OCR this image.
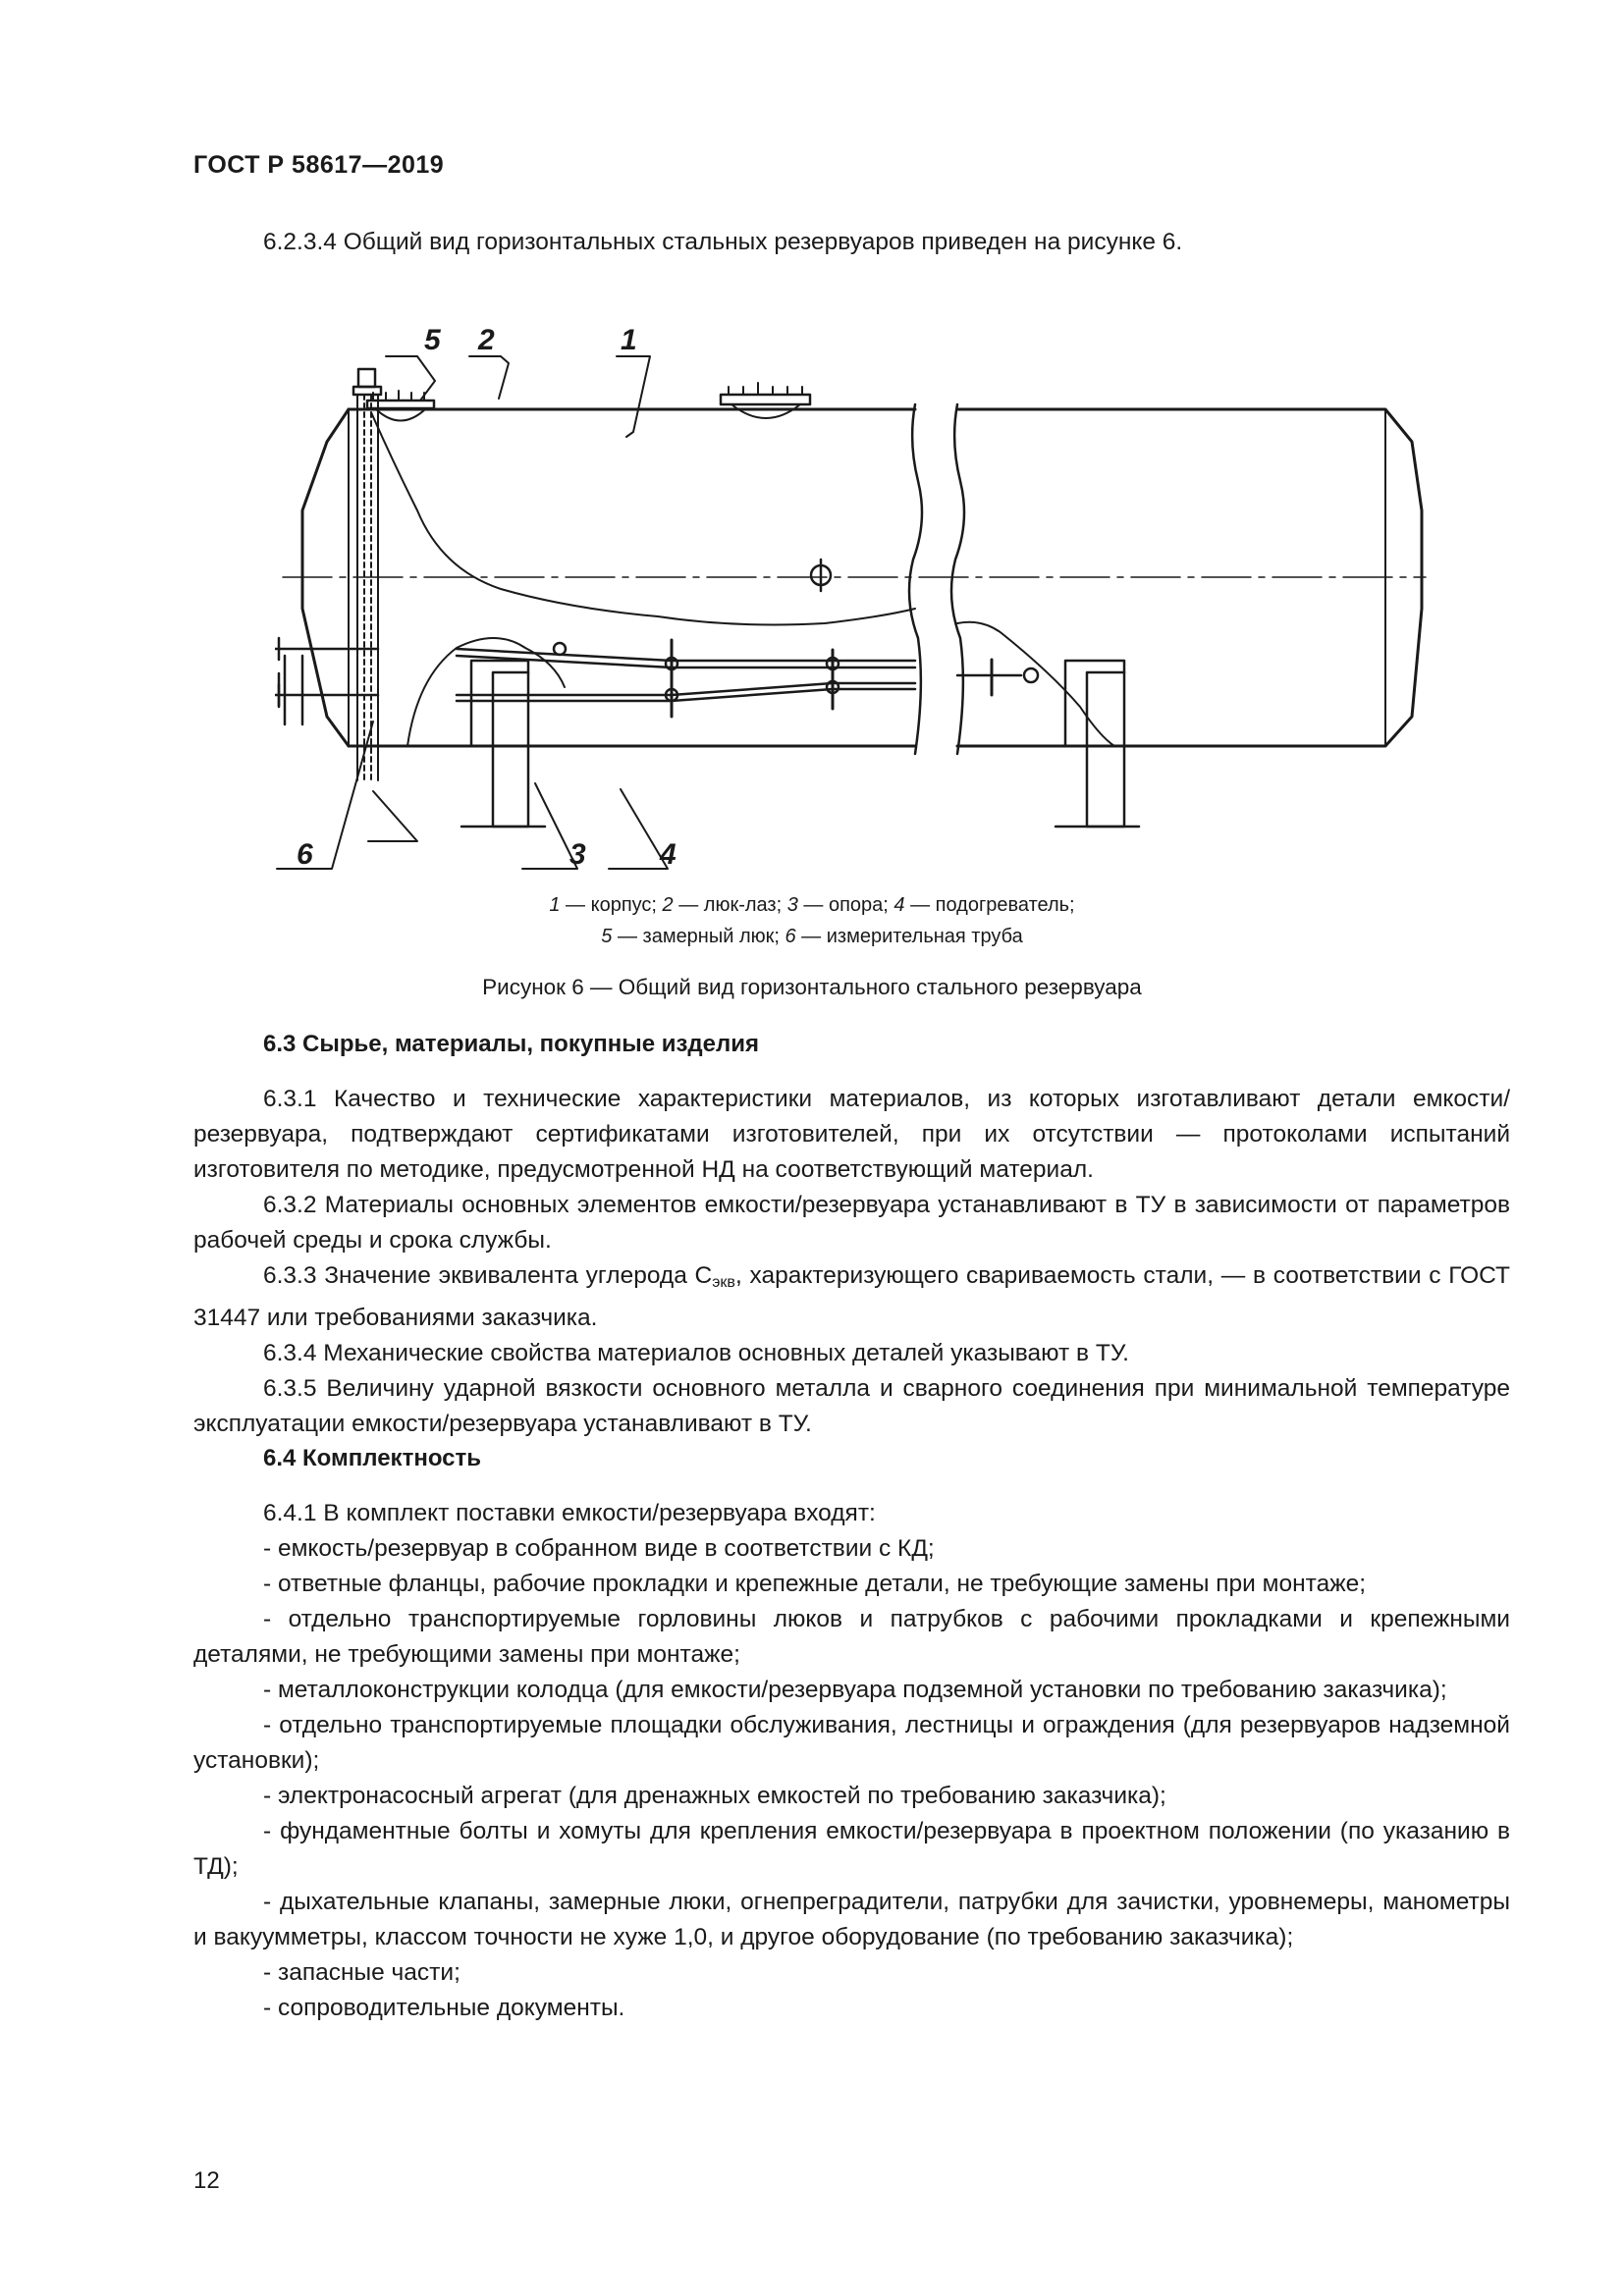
ГОСТ Р 58617—2019
6.2.3.4 Общий вид горизонтальных стальных резервуаров приведен на рисунке 6.
1
2
3	4
5
6
1 — корпус; 2 — люк-лаз; 3 — опора; 4 — подогреватель;
5 — замерный люк; 6 — измерительная труба
Рисунок 6 — Общий вид горизонтального стального резервуара
6.3 Сырье, материалы, покупные изделия

6.3.1 Качество и технические характеристики материалов, из которых изготавливают детали емкости/резервуара, подтверждают сертификатами изготовителей, при их отсутствии — протоколами испытаний изготовителя по методике, предусмотренной НД на соответствующий материал.

6.3.2 Материалы основных элементов емкости/резервуара устанавливают в ТУ в зависимости от параметров рабочей среды и срока службы.

6.3.3 Значение эквивалента углерода $С_{экв}$, характеризующего свариваемость стали, — в соответствии с ГОСТ 31447 или требованиями заказчика.

6.3.4 Механические свойства материалов основных деталей указывают в ТУ.

6.3.5 Величину ударной вязкости основного металла и сварного соединения при минимальной температуре эксплуатации емкости/резервуара устанавливают в ТУ.

6.4 Комплектность

6.4.1 В комплект поставки емкости/резервуара входят:

- емкость/резервуар в собранном виде в соответствии с КД;

- ответные фланцы, рабочие прокладки и крепежные детали, не требующие замены при монтаже;

- отдельно транспортируемые горловины люков и патрубков с рабочими прокладками и крепежными деталями, не требующими замены при монтаже;

- металлоконструкции колодца (для емкости/резервуара подземной установки по требованию заказчика);

- отдельно транспортируемые площадки обслуживания, лестницы и ограждения (для резервуаров надземной установки);

- электронасосный агрегат (для дренажных емкостей по требованию заказчика);

- фундаментные болты и хомуты для крепления емкости/резервуара в проектном положении (по указанию в ТД);

- дыхательные клапаны, замерные люки, огнепреградители, патрубки для зачистки, уровнемеры, манометры и вакуумметры, классом точности не хуже 1,0, и другое оборудование (по требованию заказчика);

- запасные части;

- сопроводительные документы.

12
